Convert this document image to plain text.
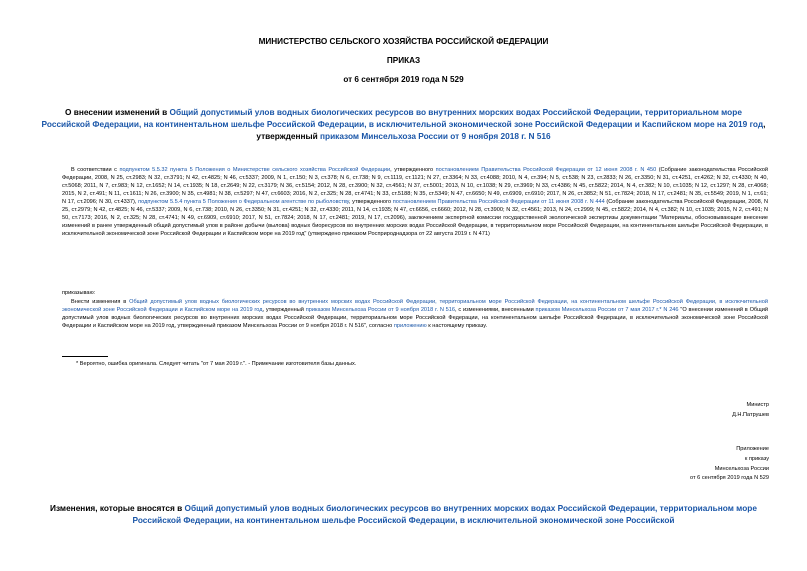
МИНИСТЕРСТВО СЕЛЬСКОГО ХОЗЯЙСТВА РОССИЙСКОЙ ФЕДЕРАЦИИ
ПРИКАЗ
от 6 сентября 2019 года N 529
О внесении изменений в Общий допустимый улов водных биологических ресурсов во внутренних морских водах Российской Федерации, территориальном море Российской Федерации, на континентальном шельфе Российской Федерации, в исключительной экономической зоне Российской Федерации и Каспийском море на 2019 год, утвержденный приказом Минсельхоза России от 9 ноября 2018 г. N 516
В соответствии с подпунктом 5.5.32 пункта 5 Положения о Министерстве сельского хозяйства Российской Федерации, утвержденного постановлением Правительства Российской Федерации от 12 июня 2008 г. N 450 (Собрание законодательства Российской Федерации, 2008, N 25, ст.2983; N 32, ст.3791; N 42, ст.4825; N 46, ст.5337; 2009, N 1, ст.150; N 3, ст.378; N 6, ст.738; N 9, ст.1119, ст.1121; N 27, ст.3364; N 33, ст.4088; 2010, N 4, ст.394; N 5, ст.538; N 23, ст.2833; N 26, ст.3350; N 31, ст.4251, ст.4262; N 32, ст.4330; N 40, ст.5068; 2011, N 7, ст.983; N 12, ст.1652; N 14, ст.1935; N 18, ст.2649; N 22, ст.3179; N 36, ст.5154; 2012, N 28, ст.3900; N 32, ст.4561; N 37, ст.5001; 2013, N 10, ст.1038; N 29, ст.3969; N 33, ст.4386; N 45, ст.5822; 2014, N 4, ст.382; N 10, ст.1035; N 12, ст.1297; N 28, ст.4068; 2015, N 2, ст.491; N 11, ст.1611; N 26, ст.3900; N 35, ст.4981; N 38, ст.5297; N 47, ст.6603; 2016, N 2, ст.325; N 28, ст.4741; N 33, ст.5188; N 35, ст.5349; N 47, ст.6650; N 49, ст.6909, ст.6910; 2017, N 26, ст.3852; N 51, ст.7824; 2018, N 17, ст.2481; N 35, ст.5549; 2019, N 1, ст.61; N 17, ст.2096; N 30, ст.4337), подпунктом 5.5.4 пункта 5 Положения о Федеральном агентстве по рыболовству, утвержденного постановлением Правительства Российской Федерации от 11 июня 2008 г. N 444 (Собрание законодательства Российской Федерации, 2008, N 25, ст.2979; N 42, ст.4825; N 46, ст.5337; 2009, N 6, ст.738; 2010, N 26, ст.3350; N 31, ст.4251; N 32, ст.4330; 2011, N 14, ст.1935; N 47, ст.6656, ст.6660; 2012, N 28, ст.3900; N 32, ст.4561; 2013, N 24, ст.2999; N 45, ст.5822; 2014, N 4, ст.382; N 10, ст.1035; 2015, N 2, ст.491; N 50, ст.7173; 2016, N 2, ст.325; N 28, ст.4741; N 49, ст.6909, ст.6910; 2017, N 51, ст.7824; 2018, N 17, ст.2481; 2019, N 17, ст.2096), заключением экспертной комиссии государственной экологической экспертизы документации "Материалы, обосновывающие внесение изменений в ранее утвержденный общий допустимый улов в районе добычи (вылова) водных биоресурсов во внутренних морских водах Российской Федерации, в территориальном море Российской Федерации, на континентальном шельфе Российской Федерации, в исключительной экономической зоне Российской Федерации и Каспийском море на 2019 год" (утверждено приказом Росприроднадзора от 22 августа 2019 г. N 471)
приказываю:
Внести изменения в Общий допустимый улов водных биологических ресурсов во внутренних морских водах Российской Федерации, территориальном море Российской Федерации, на континентальном шельфе Российской Федерации, в исключительной экономической зоне Российской Федерации и Каспийском море на 2019 год, утвержденный приказом Минсельхоза России от 9 ноября 2018 г. N 516, с изменениями, внесенными приказом Минсельхоза России от 7 мая 2017 г.* N 246 "О внесении изменений в Общий допустимый улов водных биологических ресурсов во внутренних морских водах Российской Федерации, территориальном море Российской Федерации, на континентальном шельфе Российской Федерации, в исключительной экономической зоне Российской Федерации и Каспийском море на 2019 год, утвержденный приказом Минсельхоза России от 9 ноября 2018 г. N 516", согласно приложению к настоящему приказу.
* Вероятно, ошибка оригинала. Следует читать "от 7 мая 2019 г.". - Примечание изготовителя базы данных.
Министр
Д.Н.Патрушев
Приложение
к приказу
Минсельхоза России
от 6 сентября 2019 года N 529
Изменения, которые вносятся в Общий допустимый улов водных биологических ресурсов во внутренних морских водах Российской Федерации, территориальном море Российской Федерации, на континентальном шельфе Российской Федерации, в исключительной экономической зоне Российской
